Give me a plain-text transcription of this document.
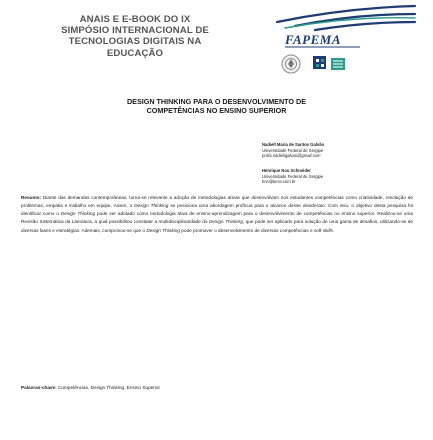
ANAIS E E-BOOK DO IX
SIMPÓSIO INTERNACIONAL DE
TECNOLOGIAS DIGITAIS NA
EDUCAÇÃO
FAPEMA
DESIGN THINKING PARA O DESENVOLVIMENTO DE
COMPETÊNCIAS NO ENSINO SUPERIOR
Nadiell Maria de Santos Galvão
Universidade Federal de Sergipe
profa.nadieligalvao@gmail.com
Henrique Nou Schneider
Universidade Federal de Sergipe
hns@terra.com.br
Resumo: Diante das demandas contemporâneas, torna-se relevante a adoção de metodologias ativas que desenvolvam nos estudantes competências como criatividade, resolução de problemas, empatia e trabalho em equipe. Assim, o Design Thinking se posiciona uma abordagem profícua para o alcance desse desiderato. Com isso, o objetivo desta pesquisa foi identificar como o Design Thinking pode ser adotado como metodologia ativa de ensino-aprendizagem para o desenvolvimento de competências no ensino superior. Realizou-se uma Revisão Sistemática da Literatura, a qual possibilitou constatar a multidisciplinaridade do Design Thinking, que pode ser aplicado para solução de uma gama de desafios, utilizando-se de diversas fases e estratégias. Ademais, comprovou-se que o Design Thinking pode promover o desenvolvimento de diversas competências e soft skills.
Palavras-chave: Competências. Design Thinking. Ensino Superior
